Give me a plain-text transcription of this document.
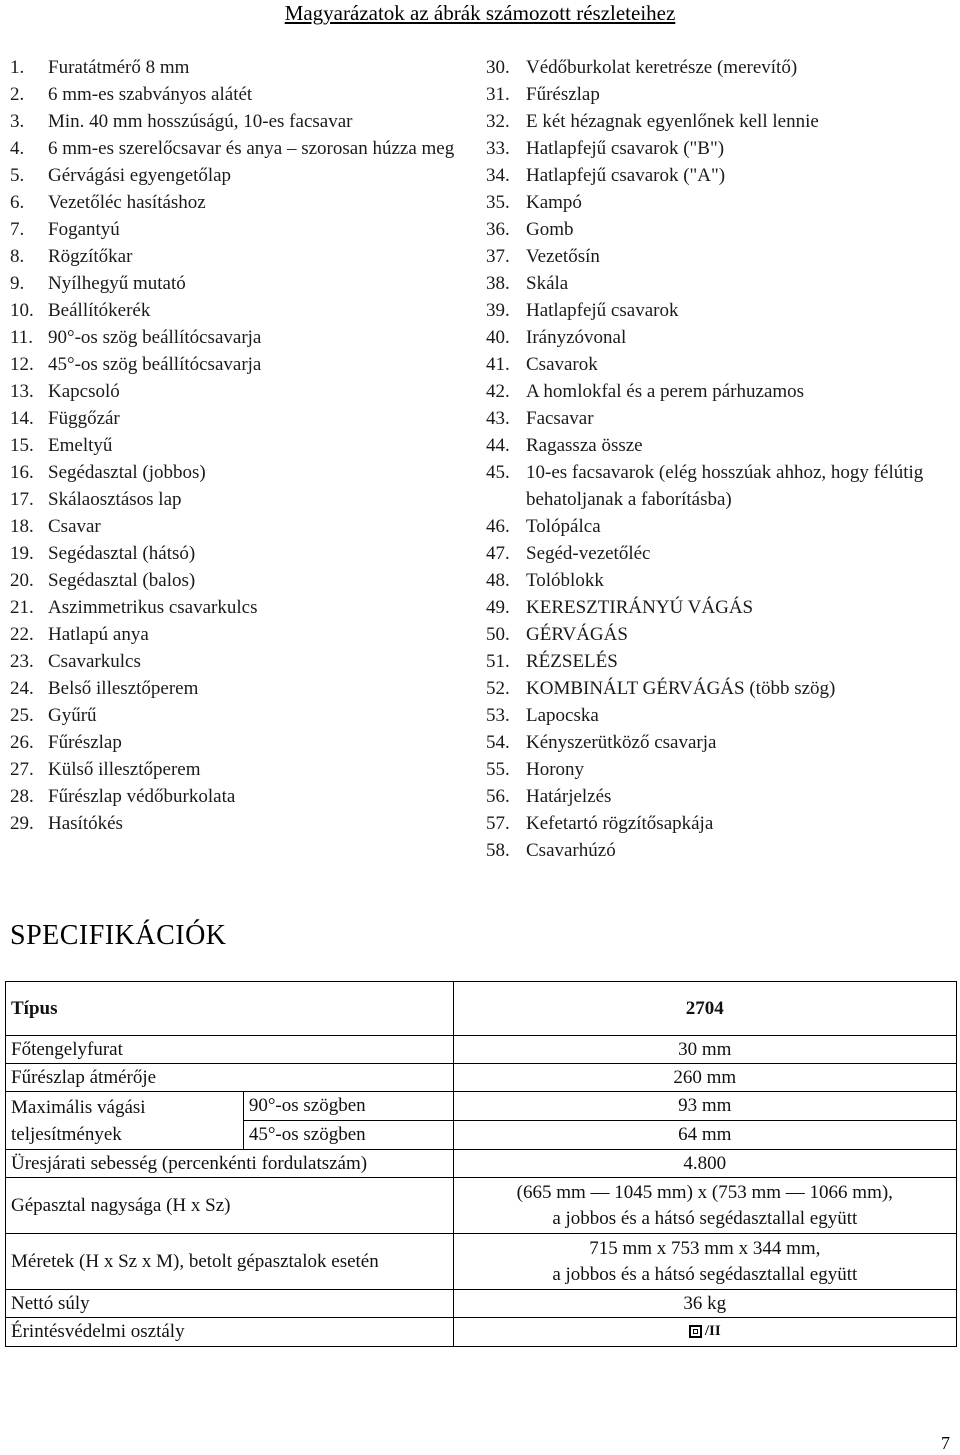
Magyarázatok az ábrák számozott részleteihez
1.	Furatátmérő 8 mm
2.	6 mm-es szabványos alátét
3.	Min. 40 mm hosszúságú, 10-es facsavar
4.	6 mm-es szerelőcsavar és anya – szorosan húzza meg
5.	Gérvágási egyengetőlap
6.	Vezetőléc hasításhoz
7.	Fogantyú
8.	Rögzítőkar
9.	Nyílhegyű mutató
10. Beállítókerék
11. 90°-os szög beállítócsavarja
12. 45°-os szög beállítócsavarja
13. Kapcsoló
14. Függőzár
15. Emeltyű
16. Segédasztal (jobbos)
17. Skálaosztásos lap
18. Csavar
19. Segédasztal (hátsó)
20. Segédasztal (balos)
21. Aszimmetrikus csavarkulcs
22. Hatlapú anya
23. Csavarkulcs
24. Belső illesztőperem
25. Gyűrű
26. Fűrészlap
27. Külső illesztőperem
28. Fűrészlap védőburkolata
29. Hasítókés
30. Védőburkolat keretrésze (merevítő)
31. Fűrészlap
32. E két hézagnak egyenlőnek kell lennie
33. Hatlapfejű csavarok ("B")
34. Hatlapfejű csavarok ("A")
35. Kampó
36. Gomb
37. Vezetősín
38. Skála
39. Hatlapfejű csavarok
40. Irányzóvonal
41. Csavarok
42. A homlokfal és a perem párhuzamos
43. Facsavar
44. Ragassza össze
45. 10-es facsavarok (elég hosszúak ahhoz, hogy félútig behatoljanak a faborításba)
46. Tolópálca
47. Segéd-vezetőléc
48. Tolóblokk
49. KERESZTIRÁNYÚ VÁGÁS
50. GÉRVÁGÁS
51. RÉZSELÉS
52. KOMBINÁLT GÉRVÁGÁS (több szög)
53. Lapocska
54. Kényszerütköző csavarja
55. Horony
56. Határjelzés
57. Kefetartó rögzítősapkája
58. Csavarhúzó
SPECIFIKÁCIÓK
Típus		2704
Főtengelyfurat		30 mm
Fűrészlap átmérője		260 mm
Maximális vágási teljesítmények	90°-os szögben	93 mm
	45°-os szögben	64 mm
Üresjárati sebesség (percenkénti fordulatszám)		4.800
Gépasztal nagysága (H x Sz)		(665 mm — 1045 mm) x (753 mm — 1066 mm),
a jobbos és a hátsó segédasztallal együtt

Méretek (H x Sz x M), betolt gépasztalok esetén		715 mm x 753 mm x 344 mm,
a jobbos és a hátsó segédasztallal együtt

Nettó súly		36 kg
Érintésvédelmi osztály		/II
7
